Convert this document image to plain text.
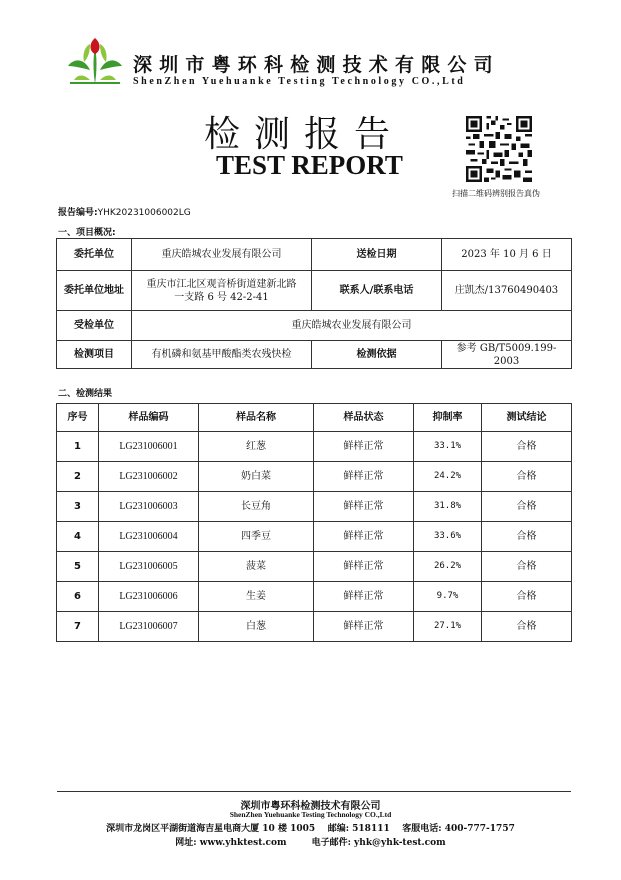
深圳市粤环科检测技术有限公司
ShenZhen Yuehuanke Testing Technology CO.,Ltd
检测报告
TEST REPORT
扫描二维码辨别报告真伪
报告编号:YHK20231006002LG
一、项目概况:
委托单位	重庆皓城农业发展有限公司	送检日期	2023 年 10 月 6 日
委托单位地址	重庆市江北区观音桥街道建新北路
一支路 6 号 42-2-41	联系人/联系电话	庄凯杰/13760490403
受检单位	重庆皓城农业发展有限公司		
检测项目	有机磷和氨基甲酸酯类农残快检	检测依据	参考 GB/T5009.199-2003
二、检测结果
序号	样品编码	样品名称	样品状态	抑制率	测试结论
1	LG231006001	红葱	鲜样正常	33.1%	合格
2	LG231006002	奶白菜	鲜样正常	24.2%	合格
3	LG231006003	长豆角	鲜样正常	31.8%	合格
4	LG231006004	四季豆	鲜样正常	33.6%	合格
5	LG231006005	菠菜	鲜样正常	26.2%	合格
6	LG231006006	生姜	鲜样正常	9.7%	合格
7	LG231006007	白葱	鲜样正常	27.1%	合格
深圳市粤环科检测技术有限公司
ShenZhen Yuehuanke Testing Technology CO.,Ltd
深圳市龙岗区平湖街道海吉星电商大厦 10 楼 1005 邮编: 518111 客服电话: 400-777-1757
网址: www.yhktest.com	电子邮件: yhk@yhk-test.com
